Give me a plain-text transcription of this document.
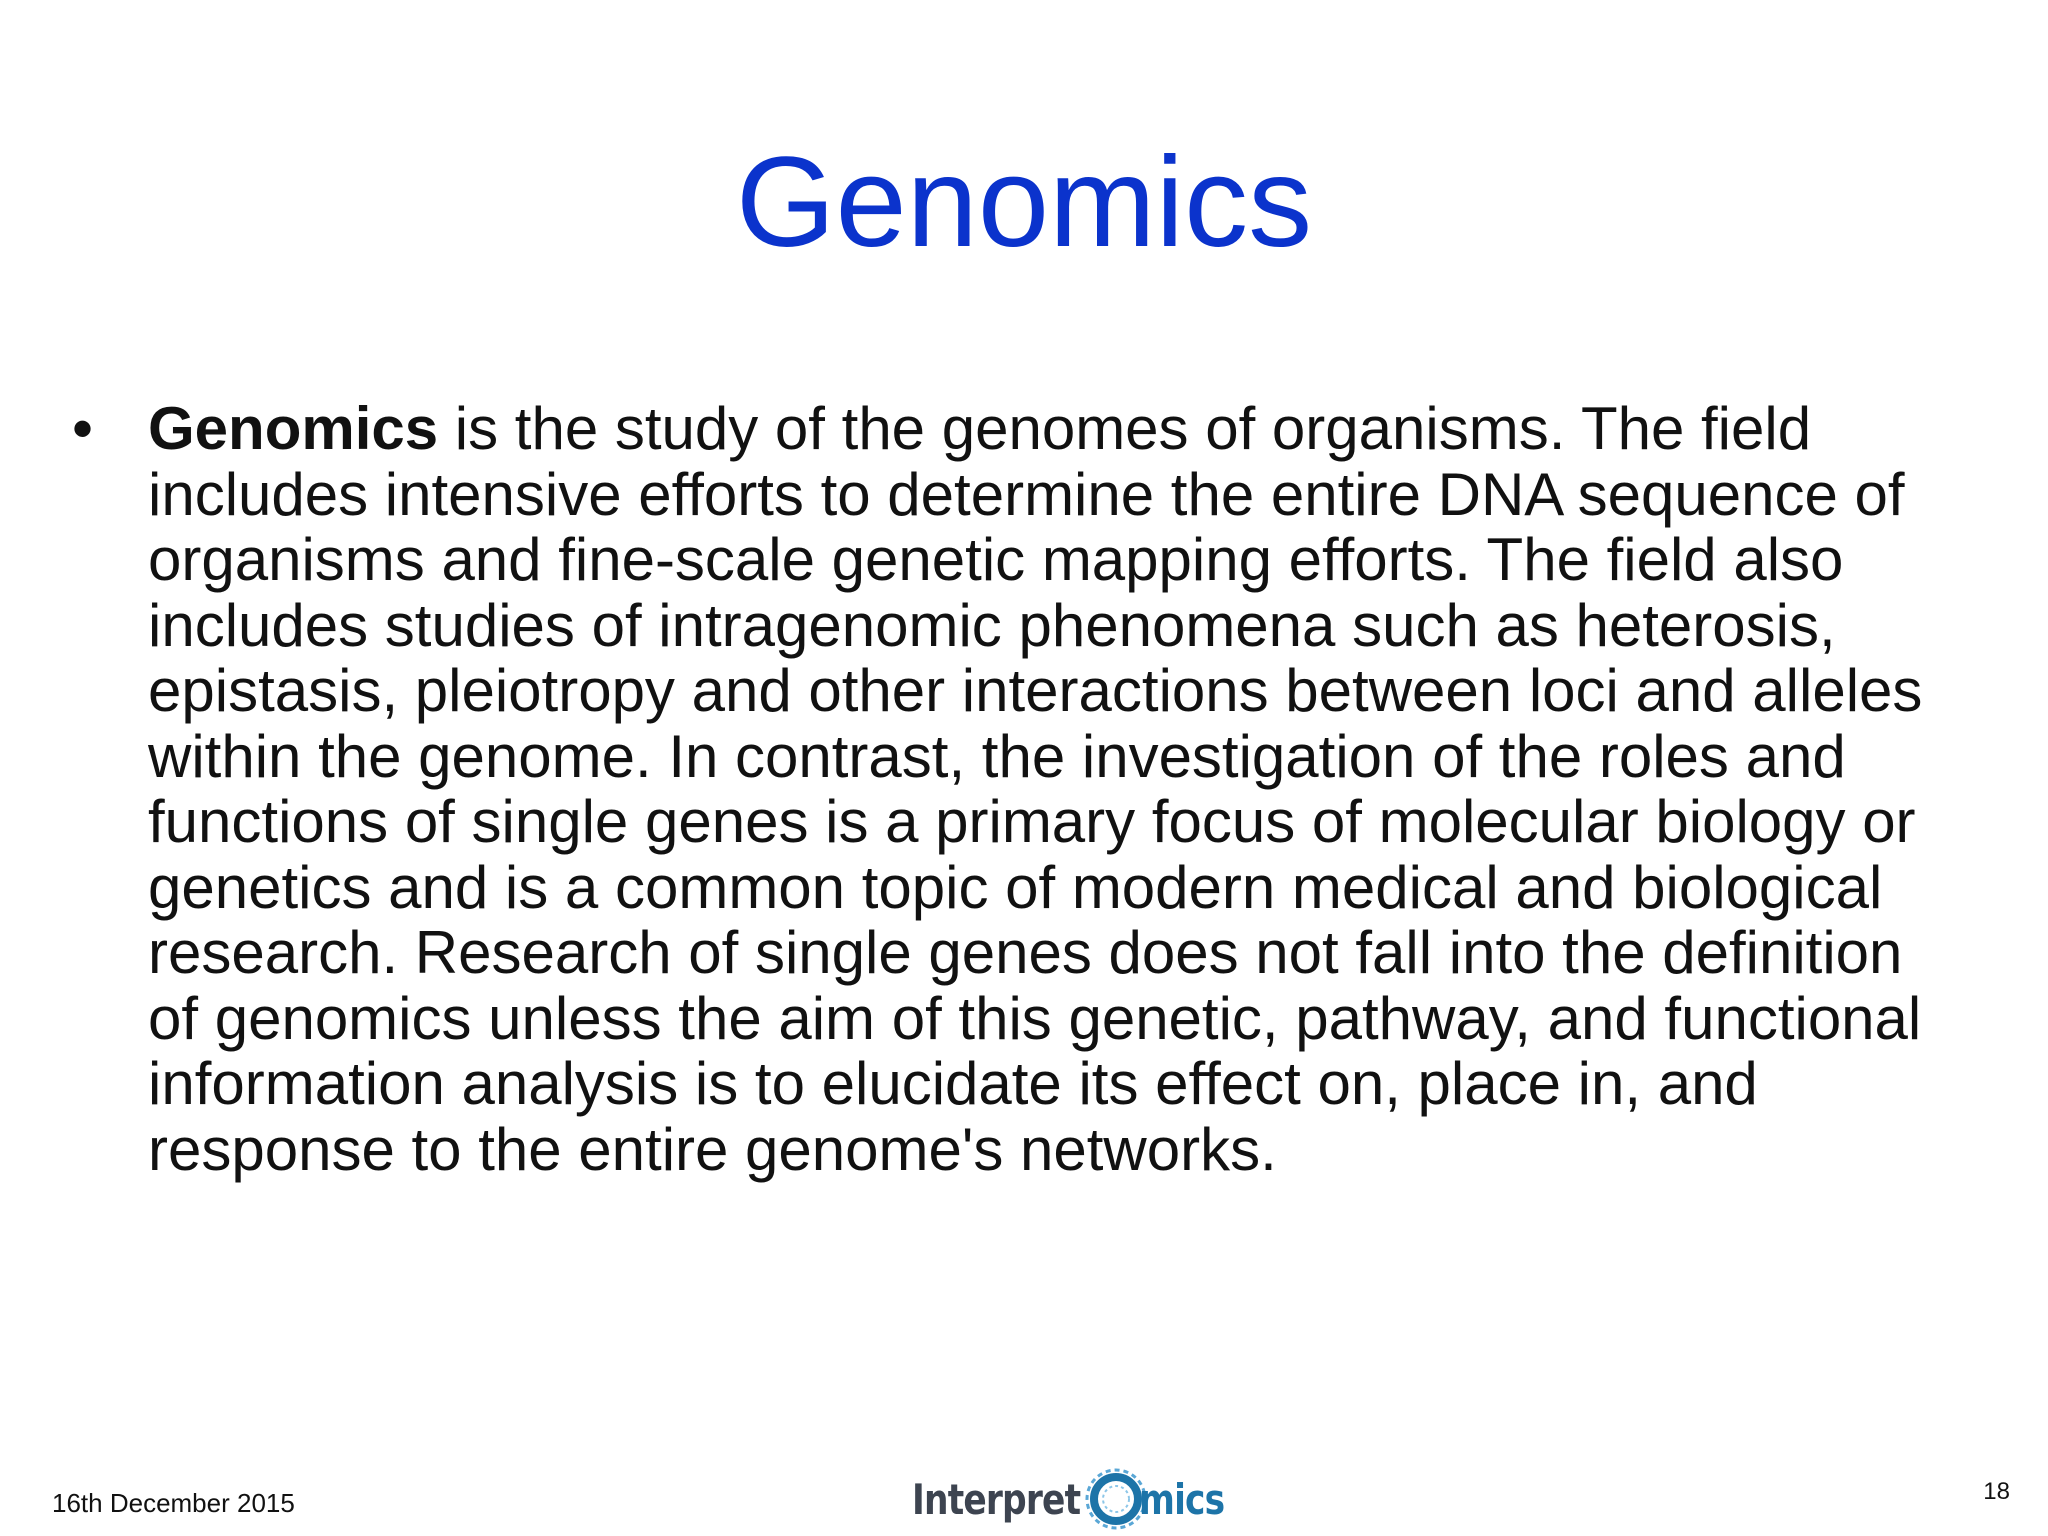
Genomics
• Genomics is the study of the genomes of organisms. The field includes intensive efforts to determine the entire DNA sequence of organisms and fine-scale genetic mapping efforts. The field also includes studies of intragenomic phenomena such as heterosis, epistasis, pleiotropy and other interactions between loci and alleles within the genome. In contrast, the investigation of the roles and functions of single genes is a primary focus of molecular biology or genetics and is a common topic of modern medical and biological research. Research of single genes does not fall into the definition of genomics unless the aim of this genetic, pathway, and functional information analysis is to elucidate its effect on, place in, and response to the entire genome's networks.
16th December 2015	Interpret mics	18
